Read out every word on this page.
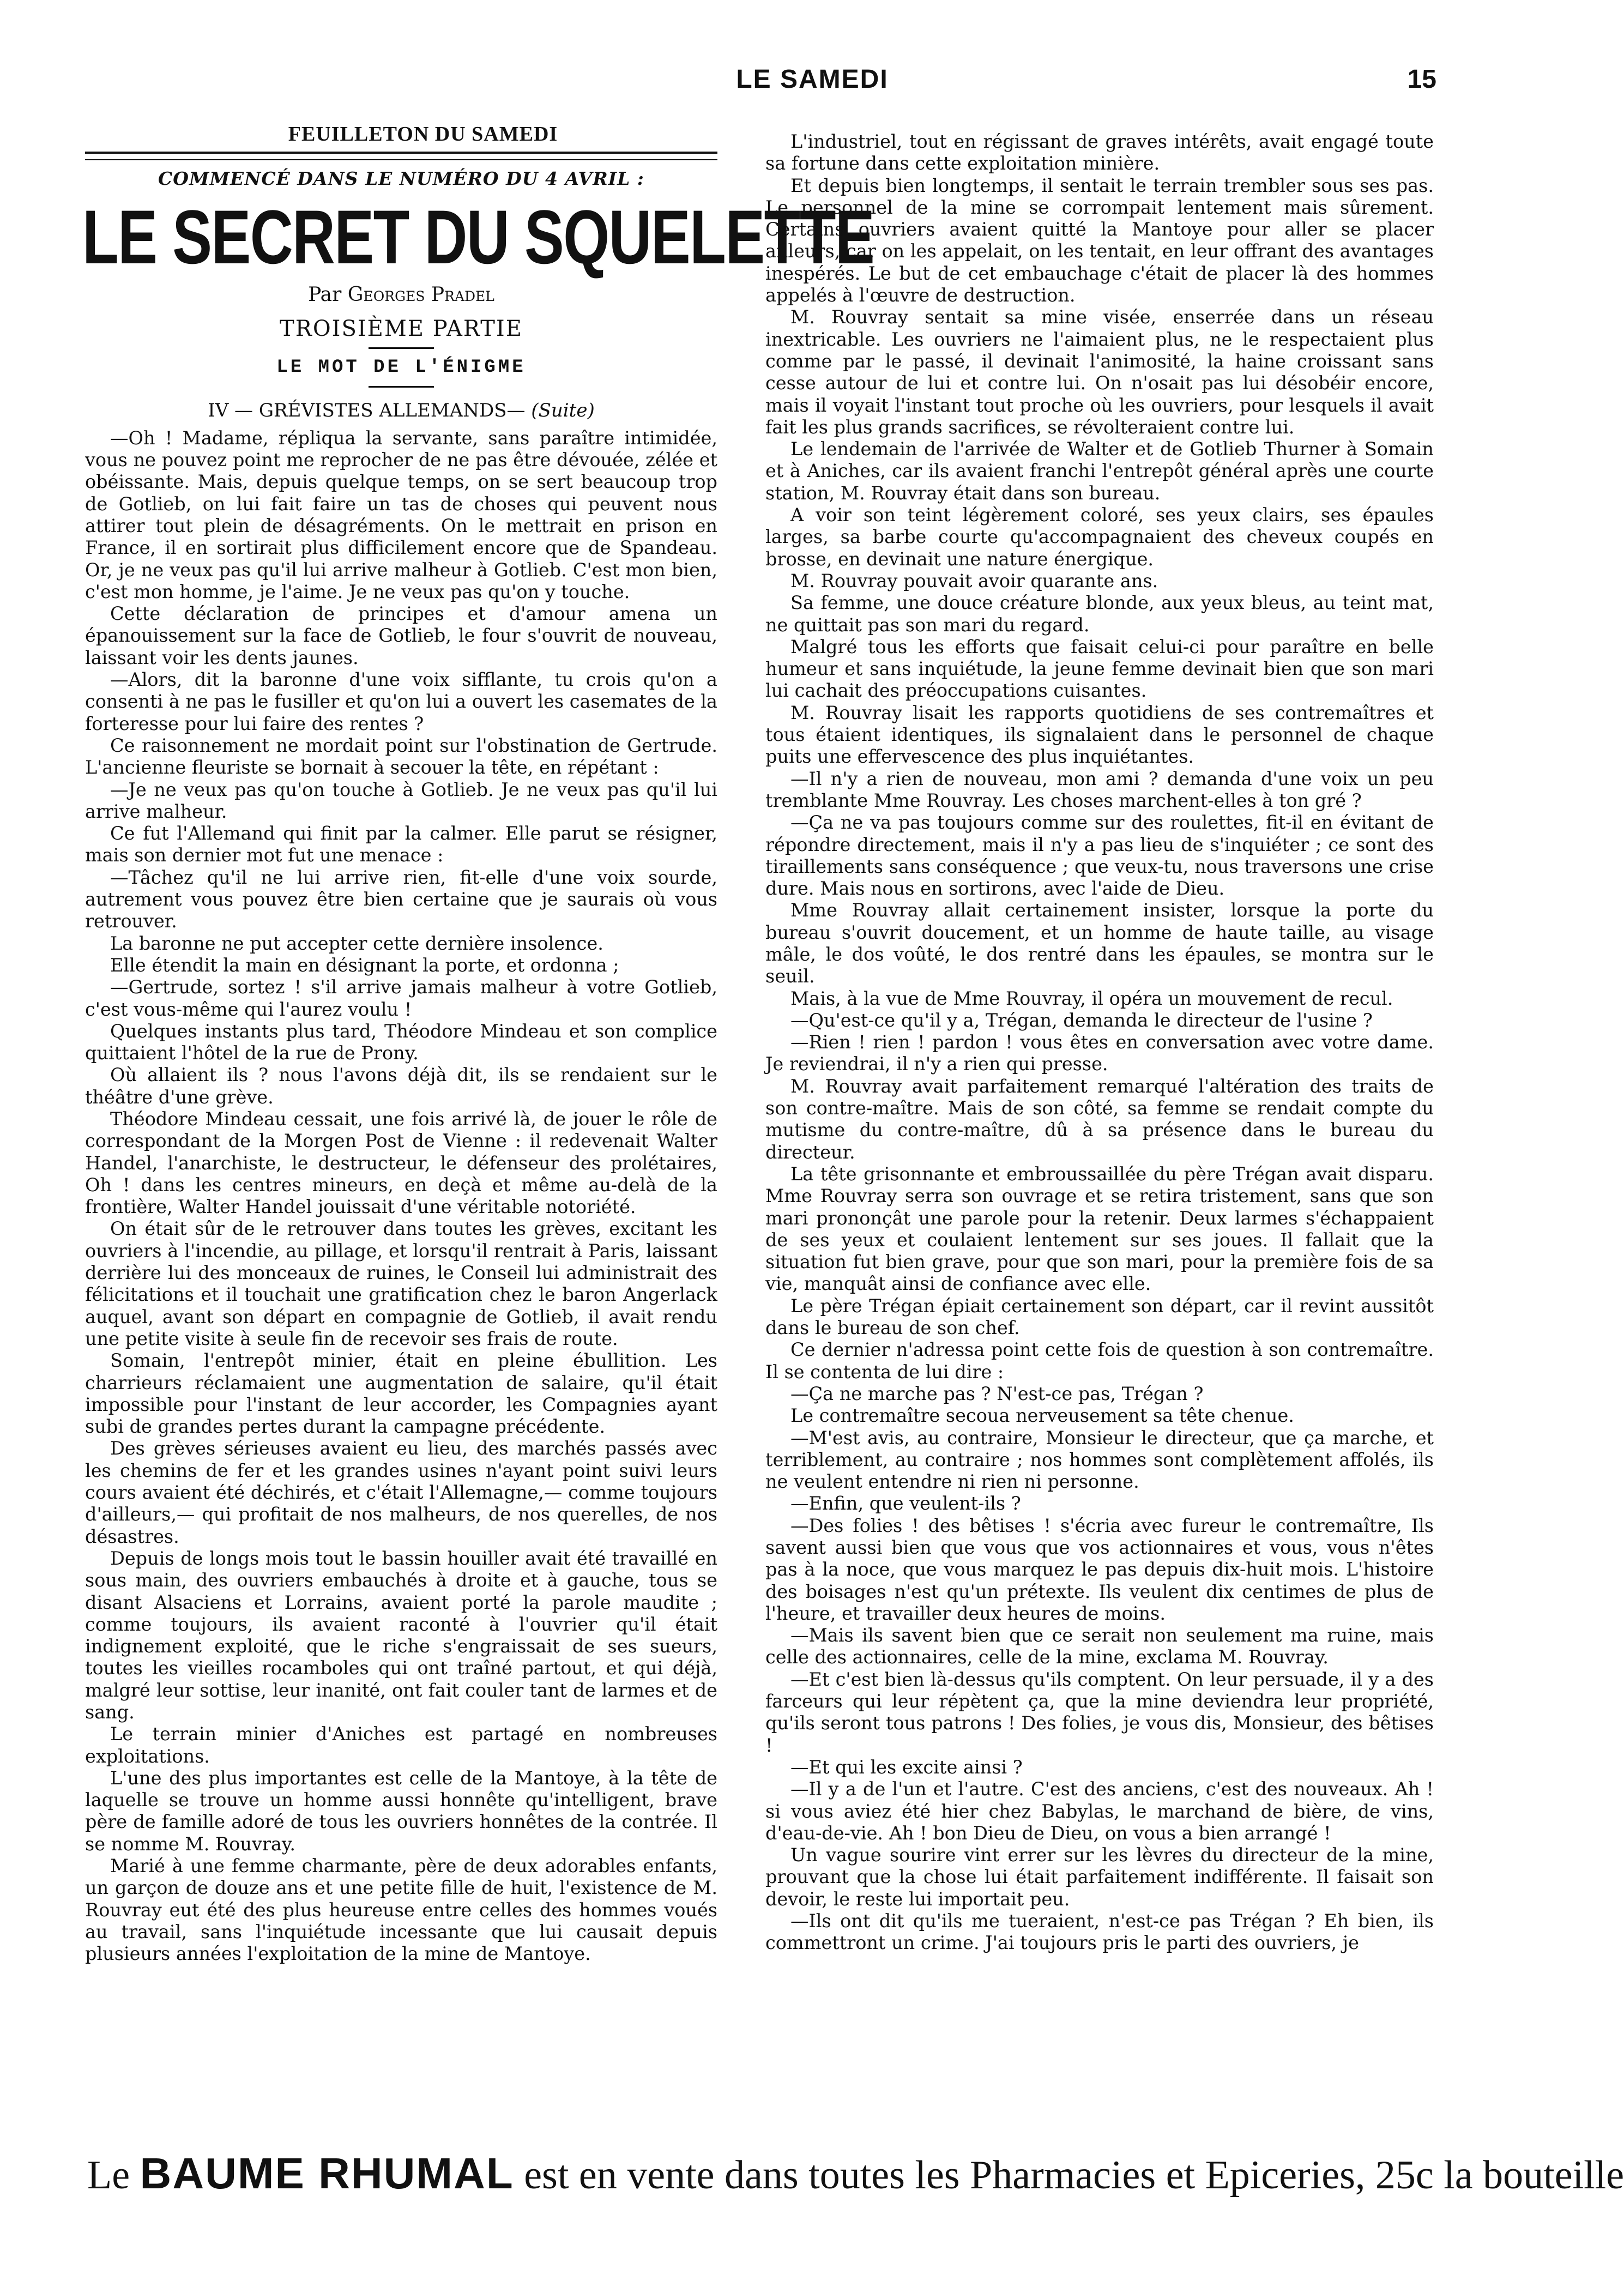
LE SAMEDI	15
FEUILLETON DU SAMEDI
COMMENCÉ DANS LE NUMÉRO DU 4 AVRIL :
LE SECRET DU SQUELETTE
Par Georges Pradel
TROISIÈME PARTIE
LE MOT DE L'ÉNIGME
IV — GRÉVISTES ALLEMANDS— (Suite)

—Oh ! Madame, répliqua la servante, sans paraître intimidée, vous ne pouvez point me reprocher de ne pas être dévouée, zélée et obéissante. Mais, depuis quelque temps, on se sert beaucoup trop de Gotlieb, on lui fait faire un tas de choses qui peuvent nous attirer tout plein de désagréments. On le mettrait en prison en France, il en sortirait plus difficilement encore que de Spandeau. Or, je ne veux pas qu'il lui arrive malheur à Gotlieb. C'est mon bien, c'est mon homme, je l'aime. Je ne veux pas qu'on y touche.

Cette déclaration de principes et d'amour amena un épanouissement sur la face de Gotlieb, le four s'ouvrit de nouveau, laissant voir les dents jaunes.

—Alors, dit la baronne d'une voix sifflante, tu crois qu'on a consenti à ne pas le fusiller et qu'on lui a ouvert les casemates de la forteresse pour lui faire des rentes ?

Ce raisonnement ne mordait point sur l'obstination de Gertrude. L'ancienne fleuriste se bornait à secouer la tête, en répétant :

—Je ne veux pas qu'on touche à Gotlieb. Je ne veux pas qu'il lui arrive malheur.

Ce fut l'Allemand qui finit par la calmer. Elle parut se résigner, mais son dernier mot fut une menace :

—Tâchez qu'il ne lui arrive rien, fit-elle d'une voix sourde, autrement vous pouvez être bien certaine que je saurais où vous retrouver.

La baronne ne put accepter cette dernière insolence.

Elle étendit la main en désignant la porte, et ordonna ;

—Gertrude, sortez ! s'il arrive jamais malheur à votre Gotlieb, c'est vous-même qui l'aurez voulu !

Quelques instants plus tard, Théodore Mindeau et son complice quittaient l'hôtel de la rue de Prony.

Où allaient ils ? nous l'avons déjà dit, ils se rendaient sur le théâtre d'une grève.

Théodore Mindeau cessait, une fois arrivé là, de jouer le rôle de correspondant de la Morgen Post de Vienne : il redevenait Walter Handel, l'anarchiste, le destructeur, le défenseur des prolétaires, Oh ! dans les centres mineurs, en deçà et même au-delà de la frontière, Walter Handel jouissait d'une véritable notoriété.

On était sûr de le retrouver dans toutes les grèves, excitant les ouvriers à l'incendie, au pillage, et lorsqu'il rentrait à Paris, laissant derrière lui des monceaux de ruines, le Conseil lui administrait des félicitations et il touchait une gratification chez le baron Angerlack auquel, avant son départ en compagnie de Gotlieb, il avait rendu une petite visite à seule fin de recevoir ses frais de route.

Somain, l'entrepôt minier, était en pleine ébullition. Les charrieurs réclamaient une augmentation de salaire, qu'il était impossible pour l'instant de leur accorder, les Compagnies ayant subi de grandes pertes durant la campagne précédente.

Des grèves sérieuses avaient eu lieu, des marchés passés avec les chemins de fer et les grandes usines n'ayant point suivi leurs cours avaient été déchirés, et c'était l'Allemagne,— comme toujours d'ailleurs,— qui profitait de nos malheurs, de nos querelles, de nos désastres.

Depuis de longs mois tout le bassin houiller avait été travaillé en sous main, des ouvriers embauchés à droite et à gauche, tous se disant Alsaciens et Lorrains, avaient porté la parole maudite ; comme toujours, ils avaient raconté à l'ouvrier qu'il était indignement exploité, que le riche s'engraissait de ses sueurs, toutes les vieilles rocamboles qui ont traîné partout, et qui déjà, malgré leur sottise, leur inanité, ont fait couler tant de larmes et de sang.

Le terrain minier d'Aniches est partagé en nombreuses exploitations.

L'une des plus importantes est celle de la Mantoye, à la tête de laquelle se trouve un homme aussi honnête qu'intelligent, brave père de famille adoré de tous les ouvriers honnêtes de la contrée. Il se nomme M. Rouvray.

Marié à une femme charmante, père de deux adorables enfants, un garçon de douze ans et une petite fille de huit, l'existence de M. Rouvray eut été des plus heureuse entre celles des hommes voués au travail, sans l'inquiétude incessante que lui causait depuis plusieurs années l'exploitation de la mine de Mantoye.

L'industriel, tout en régissant de graves intérêts, avait engagé toute sa fortune dans cette exploitation minière.

Et depuis bien longtemps, il sentait le terrain trembler sous ses pas. Le personnel de la mine se corrompait lentement mais sûrement. Certains ouvriers avaient quitté la Mantoye pour aller se placer ailleurs, car on les appelait, on les tentait, en leur offrant des avantages inespérés. Le but de cet embauchage c'était de placer là des hommes appelés à l'œuvre de destruction.

M. Rouvray sentait sa mine visée, enserrée dans un réseau inextricable. Les ouvriers ne l'aimaient plus, ne le respectaient plus comme par le passé, il devinait l'animosité, la haine croissant sans cesse autour de lui et contre lui. On n'osait pas lui désobéir encore, mais il voyait l'instant tout proche où les ouvriers, pour lesquels il avait fait les plus grands sacrifices, se révolteraient contre lui.

Le lendemain de l'arrivée de Walter et de Gotlieb Thurner à Somain et à Aniches, car ils avaient franchi l'entrepôt général après une courte station, M. Rouvray était dans son bureau.

A voir son teint légèrement coloré, ses yeux clairs, ses épaules larges, sa barbe courte qu'accompagnaient des cheveux coupés en brosse, en devinait une nature énergique.

M. Rouvray pouvait avoir quarante ans.

Sa femme, une douce créature blonde, aux yeux bleus, au teint mat, ne quittait pas son mari du regard.

Malgré tous les efforts que faisait celui-ci pour paraître en belle humeur et sans inquiétude, la jeune femme devinait bien que son mari lui cachait des préoccupations cuisantes.

M. Rouvray lisait les rapports quotidiens de ses contremaîtres et tous étaient identiques, ils signalaient dans le personnel de chaque puits une effervescence des plus inquiétantes.

—Il n'y a rien de nouveau, mon ami ? demanda d'une voix un peu tremblante Mme Rouvray. Les choses marchent-elles à ton gré ?

—Ça ne va pas toujours comme sur des roulettes, fit-il en évitant de répondre directement, mais il n'y a pas lieu de s'inquiéter ; ce sont des tiraillements sans conséquence ; que veux-tu, nous traversons une crise dure. Mais nous en sortirons, avec l'aide de Dieu.

Mme Rouvray allait certainement insister, lorsque la porte du bureau s'ouvrit doucement, et un homme de haute taille, au visage mâle, le dos voûté, le dos rentré dans les épaules, se montra sur le seuil.

Mais, à la vue de Mme Rouvray, il opéra un mouvement de recul.

—Qu'est-ce qu'il y a, Trégan, demanda le directeur de l'usine ?

—Rien ! rien ! pardon ! vous êtes en conversation avec votre dame. Je reviendrai, il n'y a rien qui presse.

M. Rouvray avait parfaitement remarqué l'altération des traits de son contre-maître. Mais de son côté, sa femme se rendait compte du mutisme du contre-maître, dû à sa présence dans le bureau du directeur.

La tête grisonnante et embroussaillée du père Trégan avait disparu. Mme Rouvray serra son ouvrage et se retira tristement, sans que son mari prononçât une parole pour la retenir. Deux larmes s'échappaient de ses yeux et coulaient lentement sur ses joues. Il fallait que la situation fut bien grave, pour que son mari, pour la première fois de sa vie, manquât ainsi de confiance avec elle.

Le père Trégan épiait certainement son départ, car il revint aussitôt dans le bureau de son chef.

Ce dernier n'adressa point cette fois de question à son contremaître. Il se contenta de lui dire :

—Ça ne marche pas ? N'est-ce pas, Trégan ?

Le contremaître secoua nerveusement sa tête chenue.

—M'est avis, au contraire, Monsieur le directeur, que ça marche, et terriblement, au contraire ; nos hommes sont complètement affolés, ils ne veulent entendre ni rien ni personne.

—Enfin, que veulent-ils ?

—Des folies ! des bêtises ! s'écria avec fureur le contremaître, Ils savent aussi bien que vous que vos actionnaires et vous, vous n'êtes pas à la noce, que vous marquez le pas depuis dix-huit mois. L'histoire des boisages n'est qu'un prétexte. Ils veulent dix centimes de plus de l'heure, et travailler deux heures de moins.

—Mais ils savent bien que ce serait non seulement ma ruine, mais celle des actionnaires, celle de la mine, exclama M. Rouvray.

—Et c'est bien là-dessus qu'ils comptent. On leur persuade, il y a des farceurs qui leur répètent ça, que la mine deviendra leur propriété, qu'ils seront tous patrons ! Des folies, je vous dis, Monsieur, des bêtises !

—Et qui les excite ainsi ?

—Il y a de l'un et l'autre. C'est des anciens, c'est des nouveaux. Ah ! si vous aviez été hier chez Babylas, le marchand de bière, de vins, d'eau-de-vie. Ah ! bon Dieu de Dieu, on vous a bien arrangé !

Un vague sourire vint errer sur les lèvres du directeur de la mine, prouvant que la chose lui était parfaitement indifférente. Il faisait son devoir, le reste lui importait peu.

—Ils ont dit qu'ils me tueraient, n'est-ce pas Trégan ? Eh bien, ils commettront un crime. J'ai toujours pris le parti des ouvriers, je

Le BAUME RHUMAL est en vente dans toutes les Pharmacies et Epiceries, 25c la bouteille
